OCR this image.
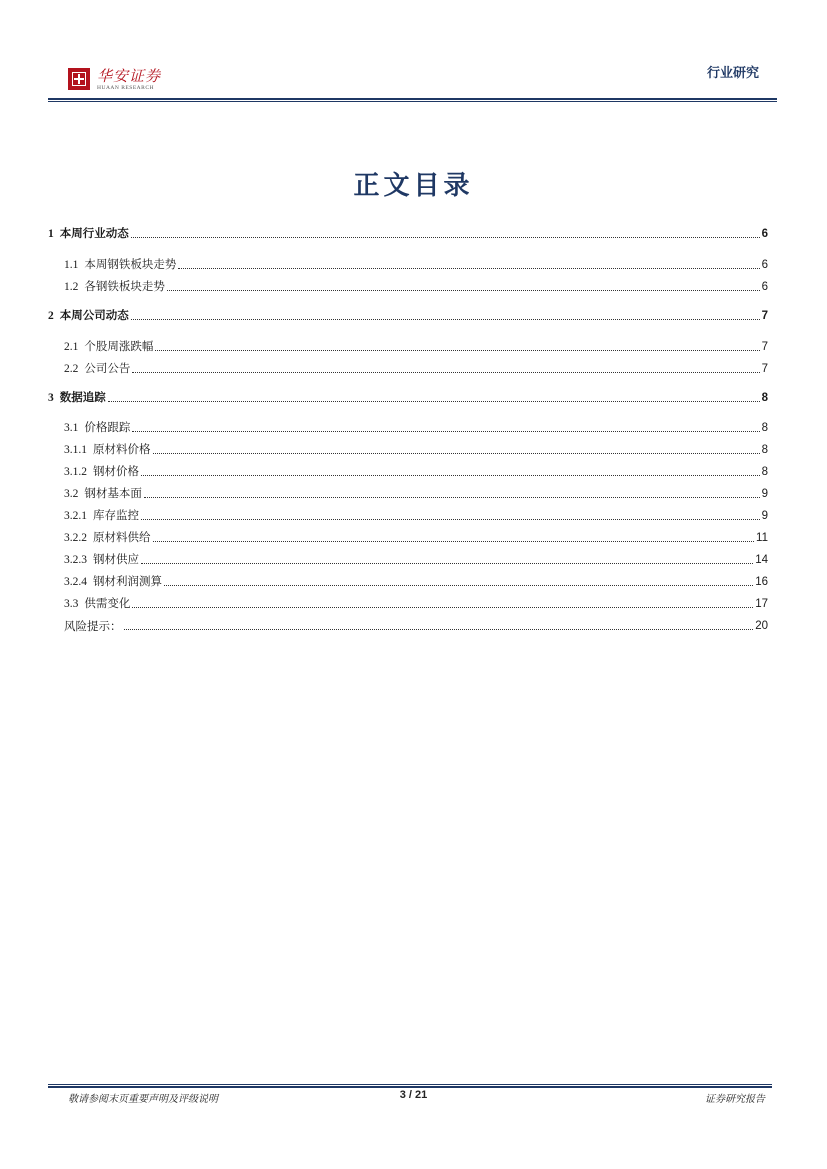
华安证券
HUAAN RESEARCH
行业研究
正文目录
1 本周行业动态	6
1.1 本周钢铁板块走势	6
1.2 各钢铁板块走势	6
2 本周公司动态	7
2.1 个股周涨跌幅	7
2.2 公司公告	7
3 数据追踪	8
3.1 价格跟踪	8
3.1.1 原材料价格	8
3.1.2 钢材价格	8
3.2 钢材基本面	9
3.2.1 库存监控	9
3.2.2 原材料供给	11
3.2.3 钢材供应	14
3.2.4 钢材利润测算	16
3.3 供需变化	17
风险提示：	20
敬请参阅末页重要声明及评级说明	3 / 21	证券研究报告
